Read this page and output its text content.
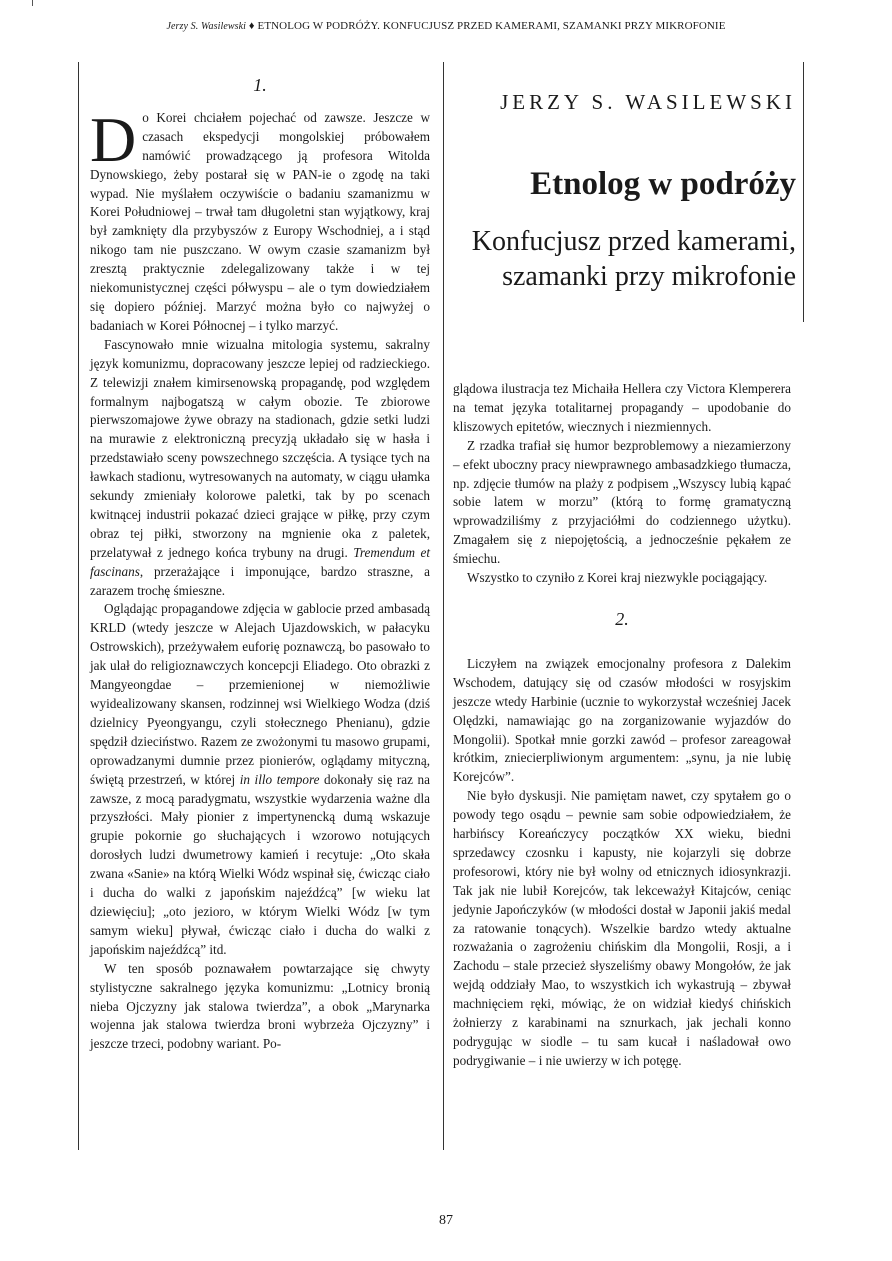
Jerzy S. Wasilewski ♦ ETNOLOG W PODRÓŻY. KONFUCJUSZ PRZED KAMERAMI, SZAMANKI PRZY MIKROFONIE
1.

Do Korei chciałem pojechać od zawsze. Jeszcze w czasach ekspedycji mongolskiej próbowałem namówić prowadzącego ją profesora Witolda Dynowskiego, żeby postarał się w PAN-ie o zgodę na taki wypad. Nie myślałem oczywiście o badaniu szamanizmu w Korei Południowej – trwał tam długoletni stan wyjątkowy, kraj był zamknięty dla przybyszów z Europy Wschodniej, a i stąd nikogo tam nie puszczano. W owym czasie szamanizm był zresztą praktycznie zdelegalizowany także i w tej niekomunistycznej części półwyspu – ale o tym dowiedziałem się dopiero później. Marzyć można było co najwyżej o badaniach w Korei Północnej – i tylko marzyć.

Fascynowało mnie wizualna mitologia systemu, sakralny język komunizmu, dopracowany jeszcze lepiej od radzieckiego. Z telewizji znałem kimirsenowską propagandę, pod względem formalnym najbogatszą w całym obozie. Te zbiorowe pierwszomajowe żywe obrazy na stadionach, gdzie setki ludzi na murawie z elektroniczną precyzją układało się w hasła i przedstawiało sceny powszechnego szczęścia. A tysiące tych na ławkach stadionu, wytresowanych na automaty, w ciągu ułamka sekundy zmieniały kolorowe paletki, tak by po scenach kwitnącej industrii pokazać dzieci grające w piłkę, przy czym obraz tej piłki, stworzony na mgnienie oka z paletek, przelatywał z jednego końca trybuny na drugi. Tremendum et fascinans, przerażające i imponujące, bardzo straszne, a zarazem trochę śmieszne.

Oglądając propagandowe zdjęcia w gablocie przed ambasadą KRLD (wtedy jeszcze w Alejach Ujazdowskich, w pałacyku Ostrowskich), przeżywałem euforię poznawczą, bo pasowało to jak ulał do religioznawczych koncepcji Eliadego. Oto obrazki z Mangyeongdae – przemienionej w niemożliwie wyidealizowany skansen, rodzinnej wsi Wielkiego Wodza (dziś dzielnicy Pyeongyangu, czyli stołecznego Phenianu), gdzie spędził dzieciństwo. Razem ze zwożonymi tu masowo grupami, oprowadzanymi dumnie przez pionierów, oglądamy mityczną, świętą przestrzeń, w której in illo tempore dokonały się raz na zawsze, z mocą paradygmatu, wszystkie wydarzenia ważne dla przyszłości. Mały pionier z impertynencką dumą wskazuje grupie pokornie go słuchających i wzorowo notujących dorosłych ludzi dwumetrowy kamień i recytuje: „Oto skała zwana «Sanie» na którą Wielki Wódz wspinał się, ćwicząc ciało i ducha do walki z japońskim najeźdźcą” [w wieku lat dziewięciu]; „oto jezioro, w którym Wielki Wódz [w tym samym wieku] pływał, ćwicząc ciało i ducha do walki z japońskim najeźdźcą” itd.

W ten sposób poznawałem powtarzające się chwyty stylistyczne sakralnego języka komunizmu: „Lotnicy bronią nieba Ojczyzny jak stalowa twierdza”, a obok „Marynarka wojenna jak stalowa twierdza broni wybrzeża Ojczyzny” i jeszcze trzeci, podobny wariant. Po-

JERZY S. WASILEWSKI
Etnolog w podróży
Konfucjusz przed kamerami,
szamanki przy mikrofonie

glądowa ilustracja tez Michaiła Hellera czy Victora Klemperera na temat języka totalitarnej propagandy – upodobanie do kliszowych epitetów, wiecznych i niezmiennych.

Z rzadka trafiał się humor bezproblemowy a niezamierzony – efekt uboczny pracy niewprawnego ambasadzkiego tłumacza, np. zdjęcie tłumów na plaży z podpisem „Wszyscy lubią kąpać sobie latem w morzu” (którą to formę gramatyczną wprowadziliśmy z przyjaciółmi do codziennego użytku). Zmagałem się z niepojętością, a jednocześnie pękałem ze śmiechu.

Wszystko to czyniło z Korei kraj niezwykle pociągający.

2.

Liczyłem na związek emocjonalny profesora z Dalekim Wschodem, datujący się od czasów młodości w rosyjskim jeszcze wtedy Harbinie (ucznie to wykorzystał wcześniej Jacek Olędzki, namawiając go na zorganizowanie wyjazdów do Mongolii). Spotkał mnie gorzki zawód – profesor zareagował krótkim, zniecierpliwionym argumentem: „synu, ja nie lubię Korejców”.

Nie było dyskusji. Nie pamiętam nawet, czy spytałem go o powody tego osądu – pewnie sam sobie odpowiedziałem, że harbińscy Koreańczycy początków XX wieku, biedni sprzedawcy czosnku i kapusty, nie kojarzyli się dobrze profesorowi, który nie był wolny od etnicznych idiosynkrazji. Tak jak nie lubił Korejców, tak lekceważył Kitajców, ceniąc jedynie Japończyków (w młodości dostał w Japonii jakiś medal za ratowanie tonących). Wszelkie bardzo wtedy aktualne rozważania o zagrożeniu chińskim dla Mongolii, Rosji, a i Zachodu – stale przecież słyszeliśmy obawy Mongołów, że jak wejdą oddziały Mao, to wszystkich ich wykastrują – zbywał machnięciem ręki, mówiąc, że on widział kiedyś chińskich żołnierzy z karabinami na sznurkach, jak jechali konno podrygując w siodle – tu sam kucał i naśladował owo podrygiwanie – i nie uwierzy w ich potęgę.

87
